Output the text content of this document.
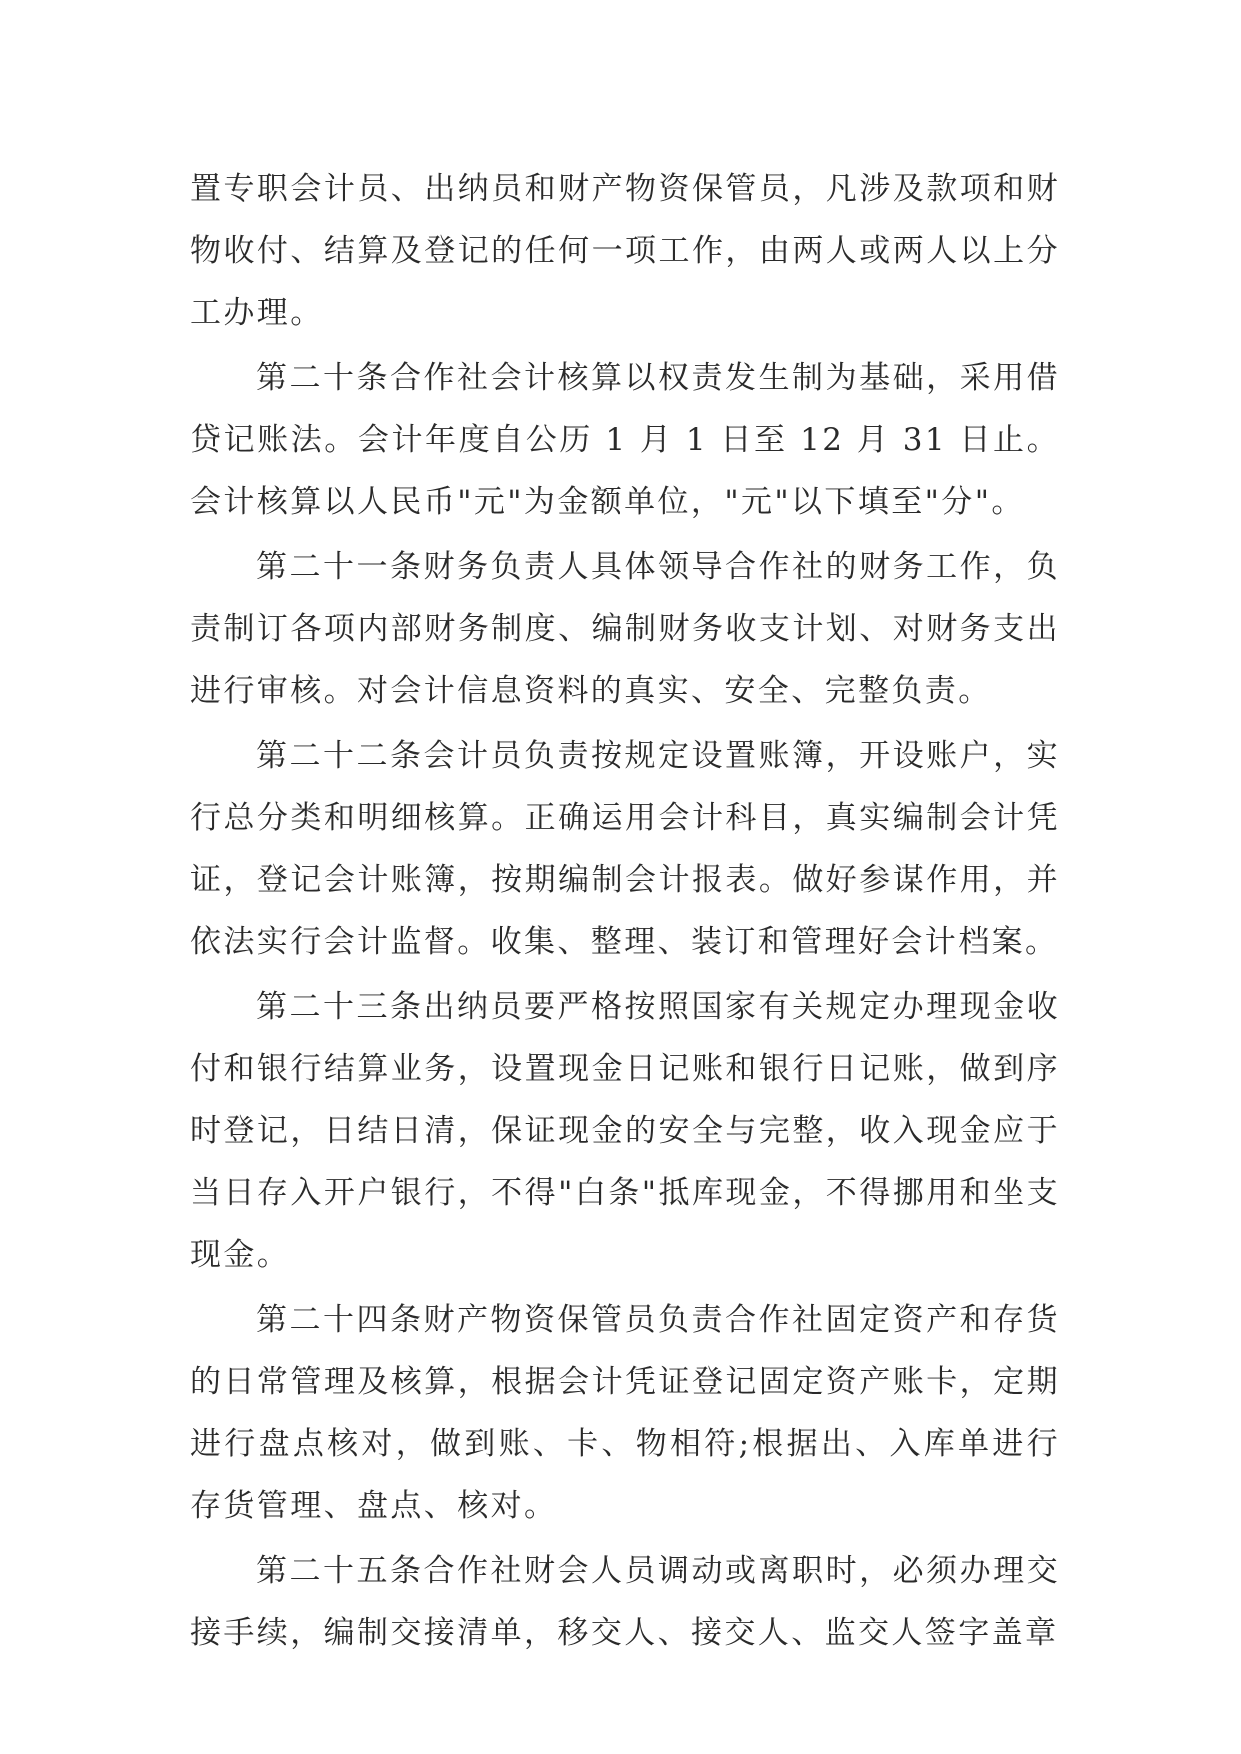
置专职会计员、出纳员和财产物资保管员，凡涉及款项和财物收付、结算及登记的任何一项工作，由两人或两人以上分工办理。

第二十条合作社会计核算以权责发生制为基础，采用借贷记账法。会计年度自公历 1 月 1 日至 12 月 31 日止。会计核算以人民币"元"为金额单位，"元"以下填至"分"。

第二十一条财务负责人具体领导合作社的财务工作，负责制订各项内部财务制度、编制财务收支计划、对财务支出进行审核。对会计信息资料的真实、安全、完整负责。

第二十二条会计员负责按规定设置账簿，开设账户，实行总分类和明细核算。正确运用会计科目，真实编制会计凭证，登记会计账簿，按期编制会计报表。做好参谋作用，并依法实行会计监督。收集、整理、装订和管理好会计档案。

第二十三条出纳员要严格按照国家有关规定办理现金收付和银行结算业务，设置现金日记账和银行日记账，做到序时登记，日结日清，保证现金的安全与完整，收入现金应于当日存入开户银行，不得"白条"抵库现金，不得挪用和坐支现金。

第二十四条财产物资保管员负责合作社固定资产和存货的日常管理及核算，根据会计凭证登记固定资产账卡，定期进行盘点核对，做到账、卡、物相符;根据出、入库单进行存货管理、盘点、核对。

第二十五条合作社财会人员调动或离职时，必须办理交接手续，编制交接清单，移交人、接交人、监交人签字盖章
